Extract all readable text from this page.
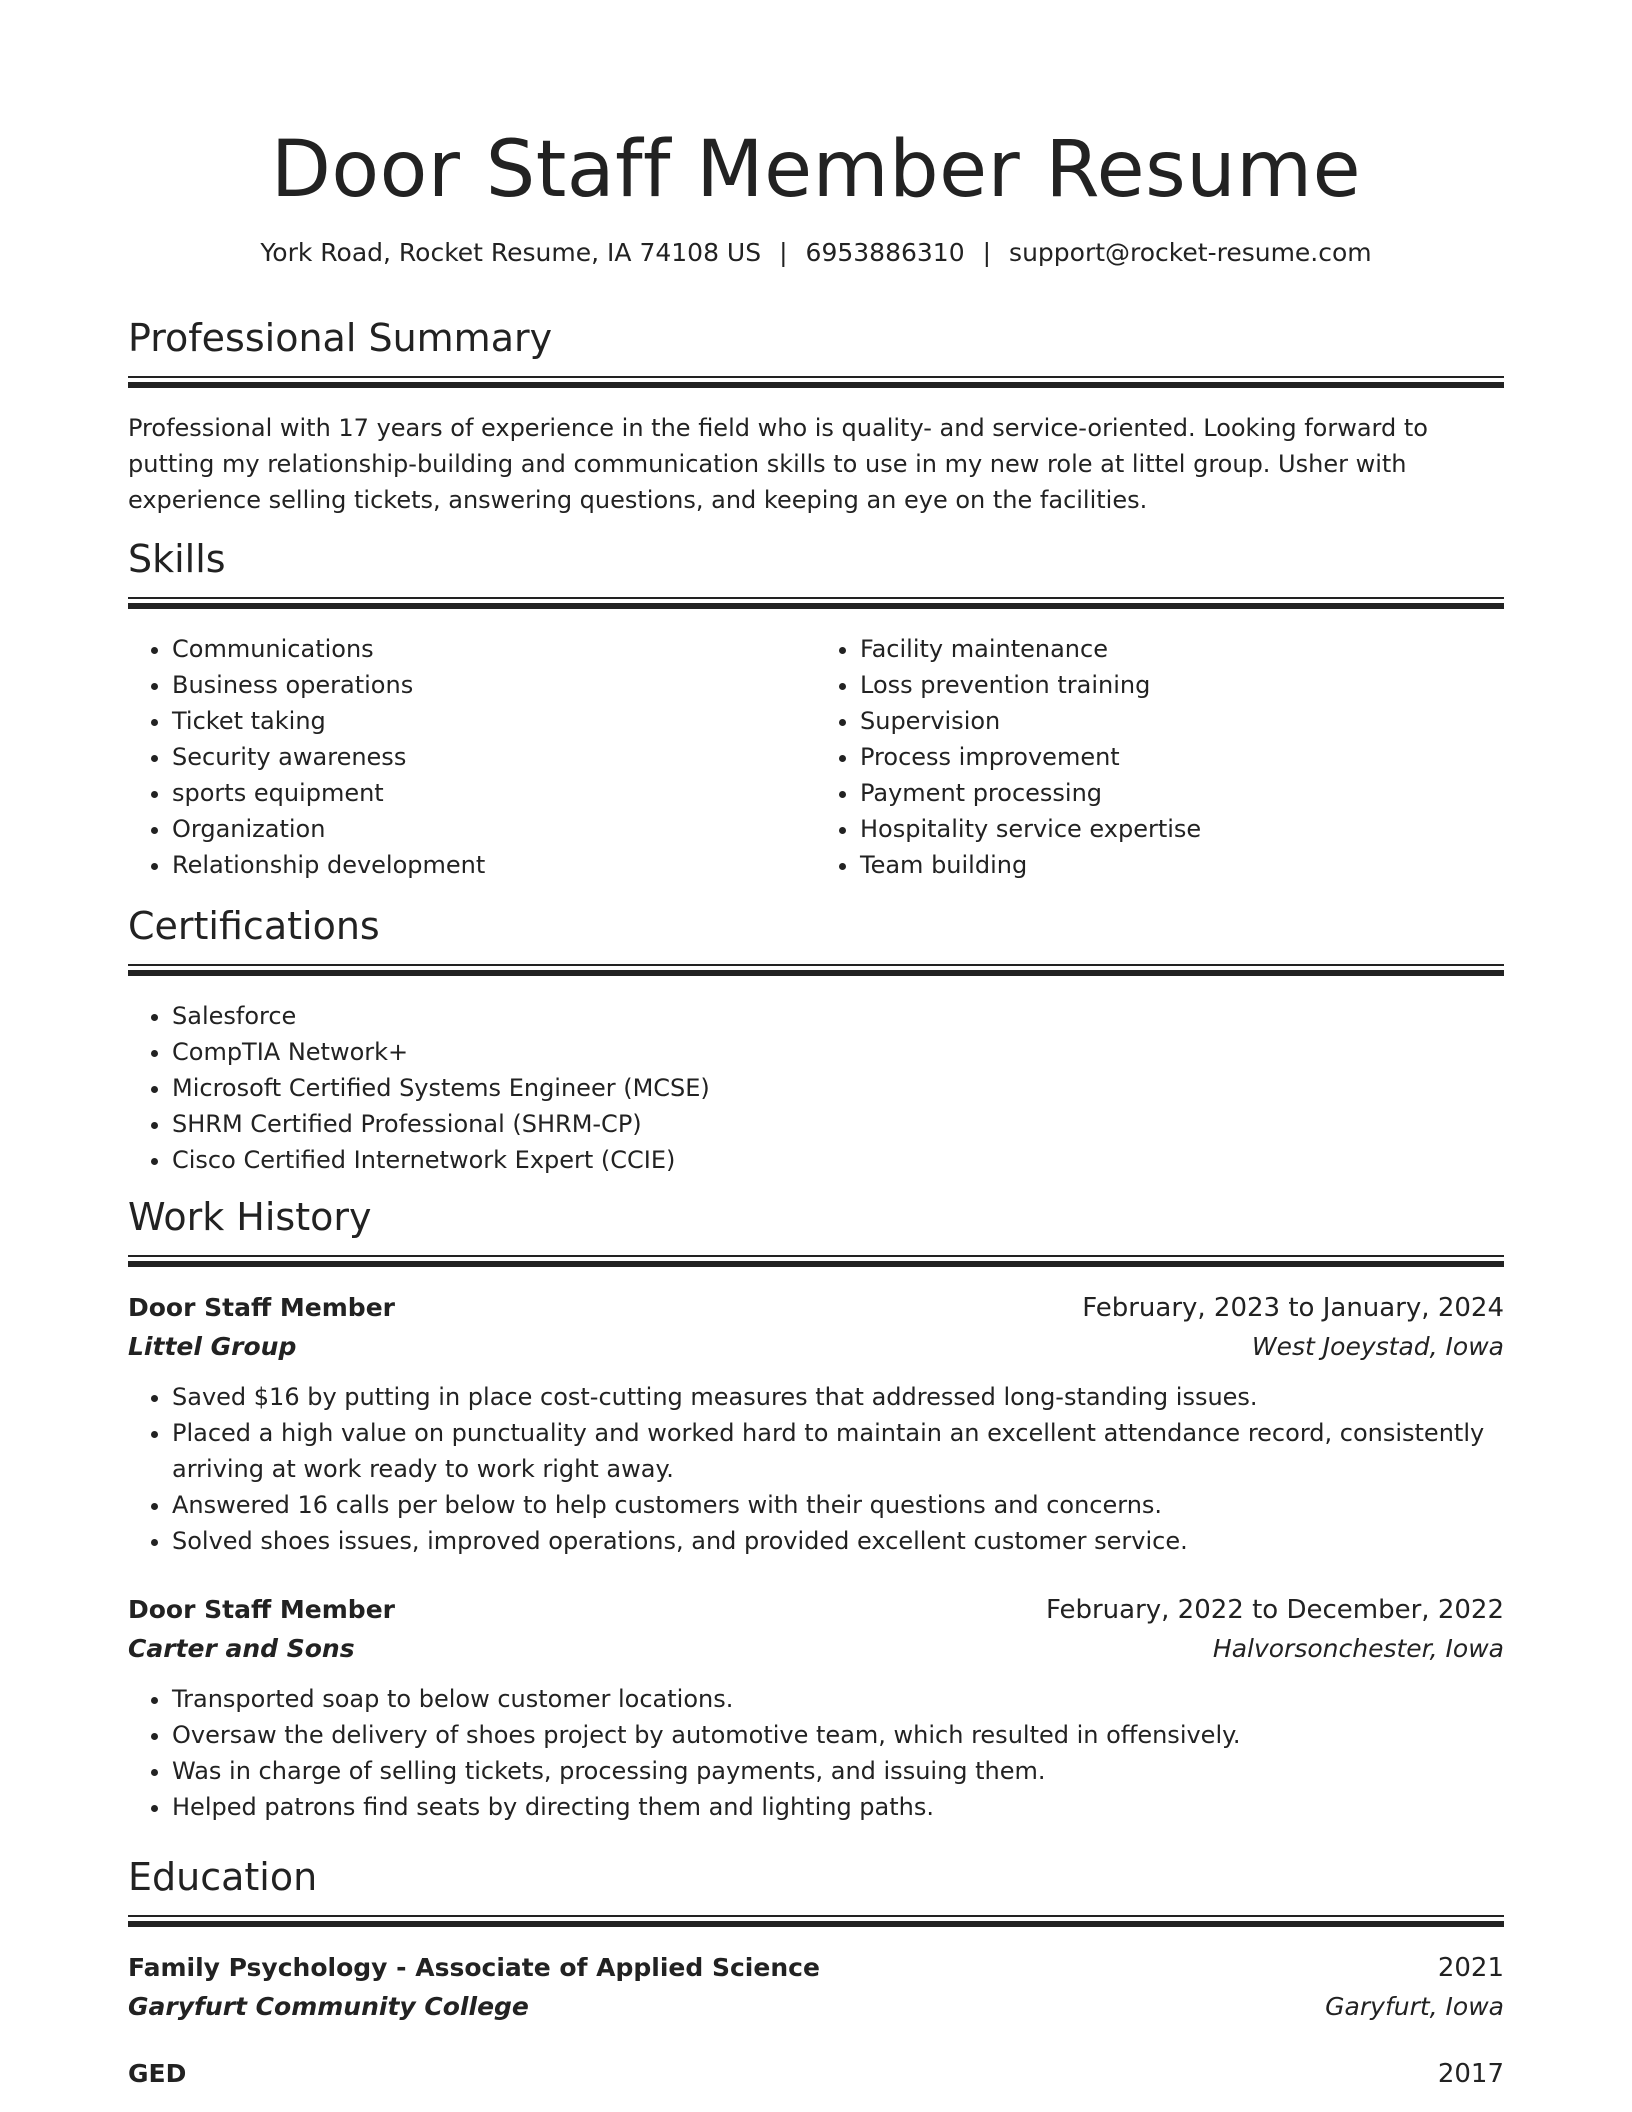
Door Staff Member Resume
York Road, Rocket Resume, IA 74108 US | 6953886310 | support@rocket-resume.com
Professional Summary

Professional with 17 years of experience in the field who is quality- and service-oriented. Looking forward to putting my relationship-building and communication skills to use in my new role at littel group. Usher with experience selling tickets, answering questions, and keeping an eye on the facilities.

Skills
• Communications
• Business operations
• Ticket taking
• Security awareness
• sports equipment
• Organization
• Relationship development
• Facility maintenance
• Loss prevention training
• Supervision
• Process improvement
• Payment processing
• Hospitality service expertise
• Team building
Certifications
• Salesforce
• CompTIA Network+
• Microsoft Certified Systems Engineer (MCSE)
• SHRM Certified Professional (SHRM-CP)
• Cisco Certified Internetwork Expert (CCIE)
Work History
Door Staff Member	February, 2023 to January, 2024
Littel Group	West Joeystad, Iowa
• Saved $16 by putting in place cost-cutting measures that addressed long-standing issues.
• Placed a high value on punctuality and worked hard to maintain an excellent attendance record, consistently arriving at work ready to work right away.
• Answered 16 calls per below to help customers with their questions and concerns.
• Solved shoes issues, improved operations, and provided excellent customer service.
Door Staff Member	February, 2022 to December, 2022
Carter and Sons	Halvorsonchester, Iowa
• Transported soap to below customer locations.
• Oversaw the delivery of shoes project by automotive team, which resulted in offensively.
• Was in charge of selling tickets, processing payments, and issuing them.
• Helped patrons find seats by directing them and lighting paths.
Education
Family Psychology - Associate of Applied Science	2021
Garyfurt Community College	Garyfurt, Iowa
GED	2017
